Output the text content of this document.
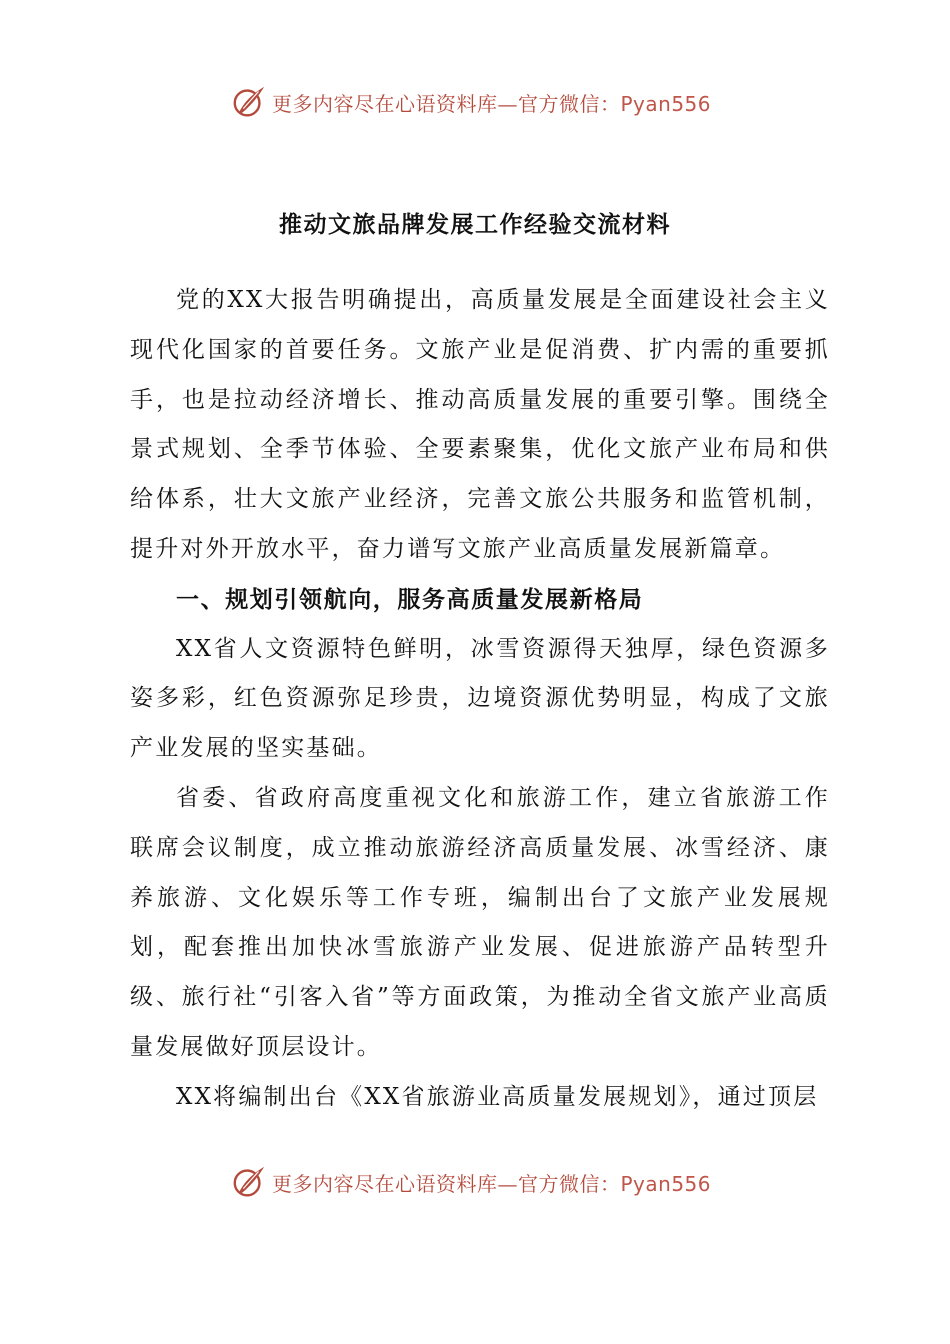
更多内容尽在心语资料库—官方微信：Pyan556
推动文旅品牌发展工作经验交流材料

党的XX大报告明确提出，高质量发展是全面建设社会主义现代化国家的首要任务。文旅产业是促消费、扩内需的重要抓手，也是拉动经济增长、推动高质量发展的重要引擎。围绕全景式规划、全季节体验、全要素聚集，优化文旅产业布局和供给体系，壮大文旅产业经济，完善文旅公共服务和监管机制，提升对外开放水平，奋力谱写文旅产业高质量发展新篇章。

一、规划引领航向，服务高质量发展新格局

XX省人文资源特色鲜明，冰雪资源得天独厚，绿色资源多姿多彩，红色资源弥足珍贵，边境资源优势明显，构成了文旅产业发展的坚实基础。

省委、省政府高度重视文化和旅游工作，建立省旅游工作联席会议制度，成立推动旅游经济高质量发展、冰雪经济、康养旅游、文化娱乐等工作专班，编制出台了文旅产业发展规划，配套推出加快冰雪旅游产业发展、促进旅游产品转型升级、旅行社“引客入省”等方面政策，为推动全省文旅产业高质量发展做好顶层设计。

XX将编制出台《XX省旅游业高质量发展规划》，通过顶层

更多内容尽在心语资料库—官方微信：Pyan556
